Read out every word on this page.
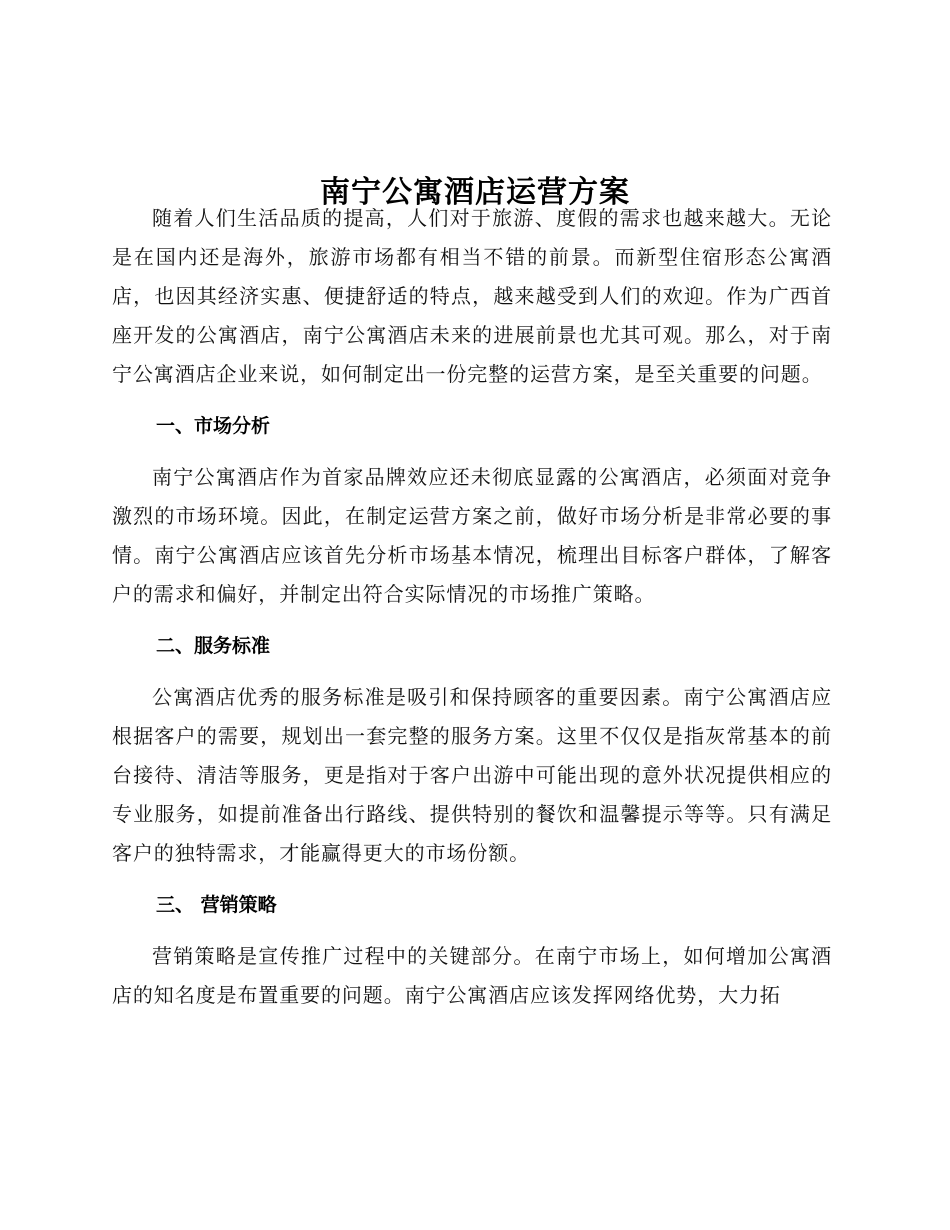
南宁公寓酒店运营方案

随着人们生活品质的提高，人们对于旅游、度假的需求也越来越大。无论是在国内还是海外，旅游市场都有相当不错的前景。而新型住宿形态公寓酒店，也因其经济实惠、便捷舒适的特点，越来越受到人们的欢迎。作为广西首座开发的公寓酒店，南宁公寓酒店未来的进展前景也尤其可观。那么，对于南宁公寓酒店企业来说，如何制定出一份完整的运营方案，是至关重要的问题。

一、市场分析

南宁公寓酒店作为首家品牌效应还未彻底显露的公寓酒店，必须面对竞争激烈的市场环境。因此，在制定运营方案之前，做好市场分析是非常必要的事情。南宁公寓酒店应该首先分析市场基本情况，梳理出目标客户群体，了解客户的需求和偏好，并制定出符合实际情况的市场推广策略。

二、服务标准

公寓酒店优秀的服务标准是吸引和保持顾客的重要因素。南宁公寓酒店应根据客户的需要，规划出一套完整的服务方案。这里不仅仅是指灰常基本的前台接待、清洁等服务，更是指对于客户出游中可能出现的意外状况提供相应的专业服务，如提前准备出行路线、提供特别的餐饮和温馨提示等等。只有满足客户的独特需求，才能赢得更大的市场份额。

三、 营销策略

营销策略是宣传推广过程中的关键部分。在南宁市场上，如何增加公寓酒店的知名度是布置重要的问题。南宁公寓酒店应该发挥网络优势，大力拓
